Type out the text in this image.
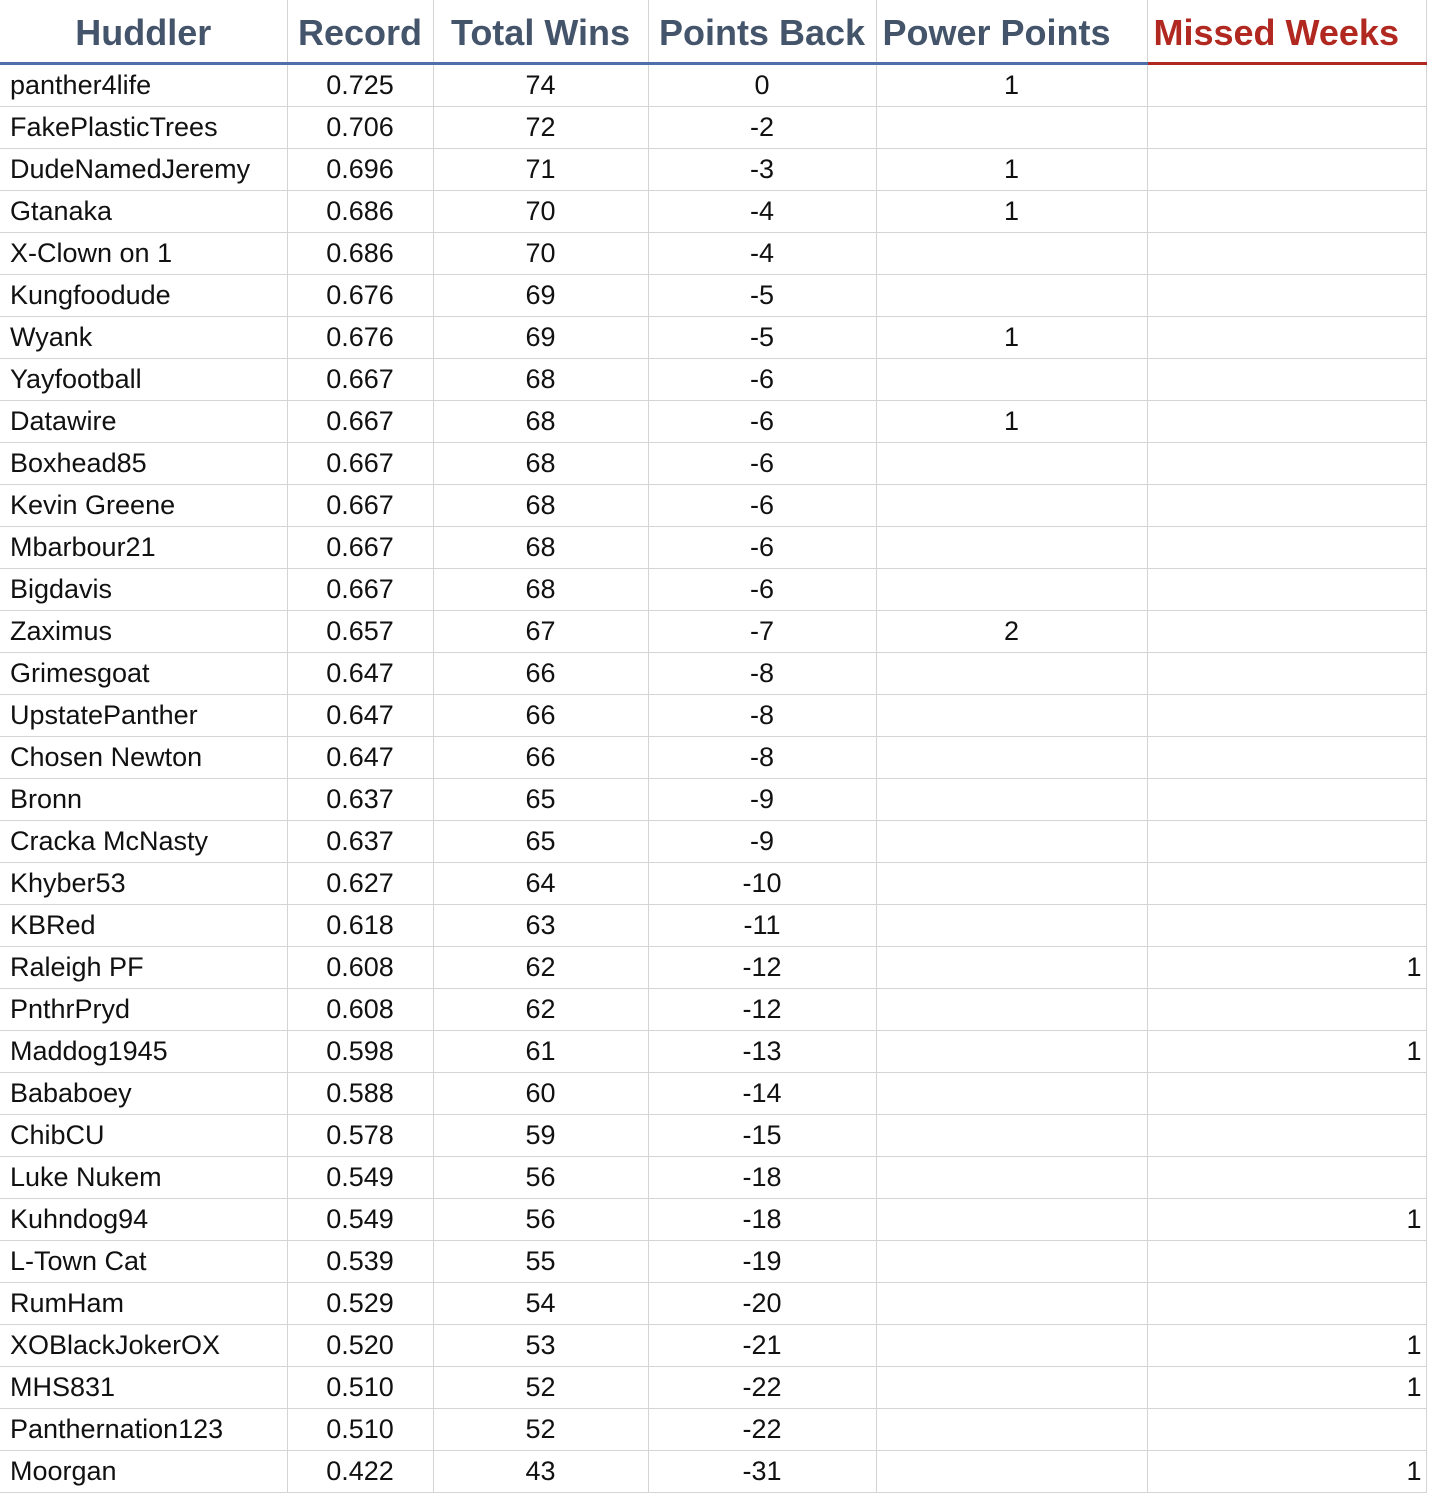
Huddler	Record	Total Wins	Points Back	Power Points	Missed Weeks
panther4life	0.725	74	0	1	
FakePlasticTrees	0.706	72	-2		
DudeNamedJeremy	0.696	71	-3	1	
Gtanaka	0.686	70	-4	1	
X-Clown on 1	0.686	70	-4		
Kungfoodude	0.676	69	-5		
Wyank	0.676	69	-5	1	
Yayfootball	0.667	68	-6		
Datawire	0.667	68	-6	1	
Boxhead85	0.667	68	-6		
Kevin Greene	0.667	68	-6		
Mbarbour21	0.667	68	-6		
Bigdavis	0.667	68	-6		
Zaximus	0.657	67	-7	2	
Grimesgoat	0.647	66	-8		
UpstatePanther	0.647	66	-8		
Chosen Newton	0.647	66	-8		
Bronn	0.637	65	-9		
Cracka McNasty	0.637	65	-9		
Khyber53	0.627	64	-10		
KBRed	0.618	63	-11		
Raleigh PF	0.608	62	-12		1
PnthrPryd	0.608	62	-12		
Maddog1945	0.598	61	-13		1
Bababoey	0.588	60	-14		
ChibCU	0.578	59	-15		
Luke Nukem	0.549	56	-18		
Kuhndog94	0.549	56	-18		1
L-Town Cat	0.539	55	-19		
RumHam	0.529	54	-20		
XOBlackJokerOX	0.520	53	-21		1
MHS831	0.510	52	-22		1
Panthernation123	0.510	52	-22		
Moorgan	0.422	43	-31		1
